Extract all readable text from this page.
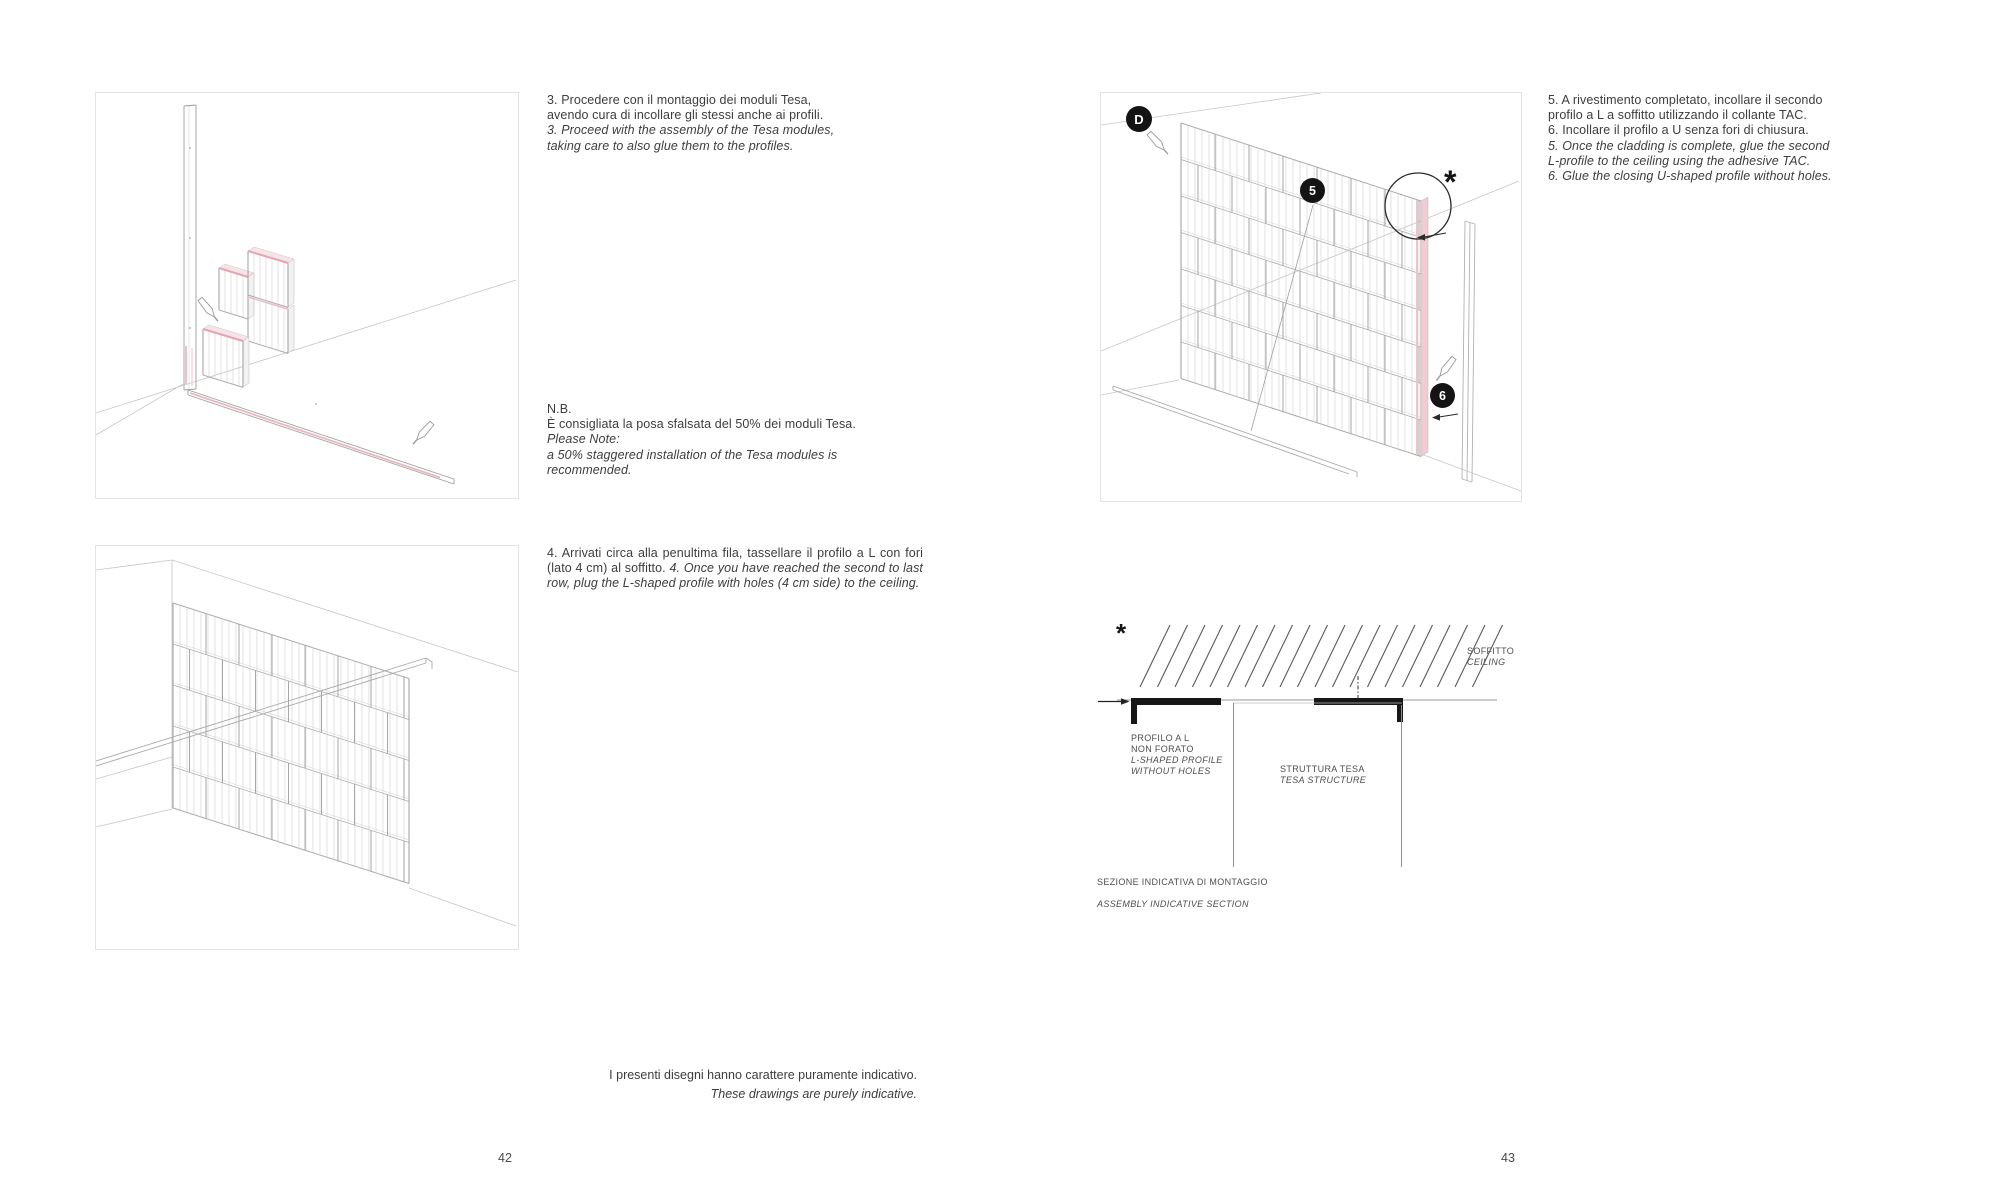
3. Procedere con il montaggio dei moduli Tesa,
avendo cura di incollare gli stessi anche ai profili.
3. Proceed with the assembly of the Tesa modules,
taking care to also glue them to the profiles.
N.B.
È consigliata la posa sfalsata del 50% dei moduli Tesa.
Please Note:
a 50% staggered installation of the Tesa modules is
recommended.

4. Arrivati circa alla penultima fila, tassellare il profilo a L con fori (lato 4 cm) al soffitto. 4. Once you have reached the second to last row, plug the L-shaped profile with holes (4 cm side) to the ceiling.

I presenti disegni hanno carattere puramente indicativo.
These drawings are purely indicative.
42
D
5
6
*
5. A rivestimento completato, incollare il secondo
profilo a L a soffitto utilizzando il collante TAC.
6. Incollare il profilo a U senza fori di chiusura.
5. Once the cladding is complete, glue the second
L-profile to the ceiling using the adhesive TAC.
6. Glue the closing U-shaped profile without holes.
*
SOFFITTO
CEILING
PROFILO A L
NON FORATO
L-SHAPED PROFILE
WITHOUT HOLES	STRUTTURA TESA
TESA STRUCTURE
SEZIONE INDICATIVA DI MONTAGGIO
ASSEMBLY INDICATIVE SECTION
43
